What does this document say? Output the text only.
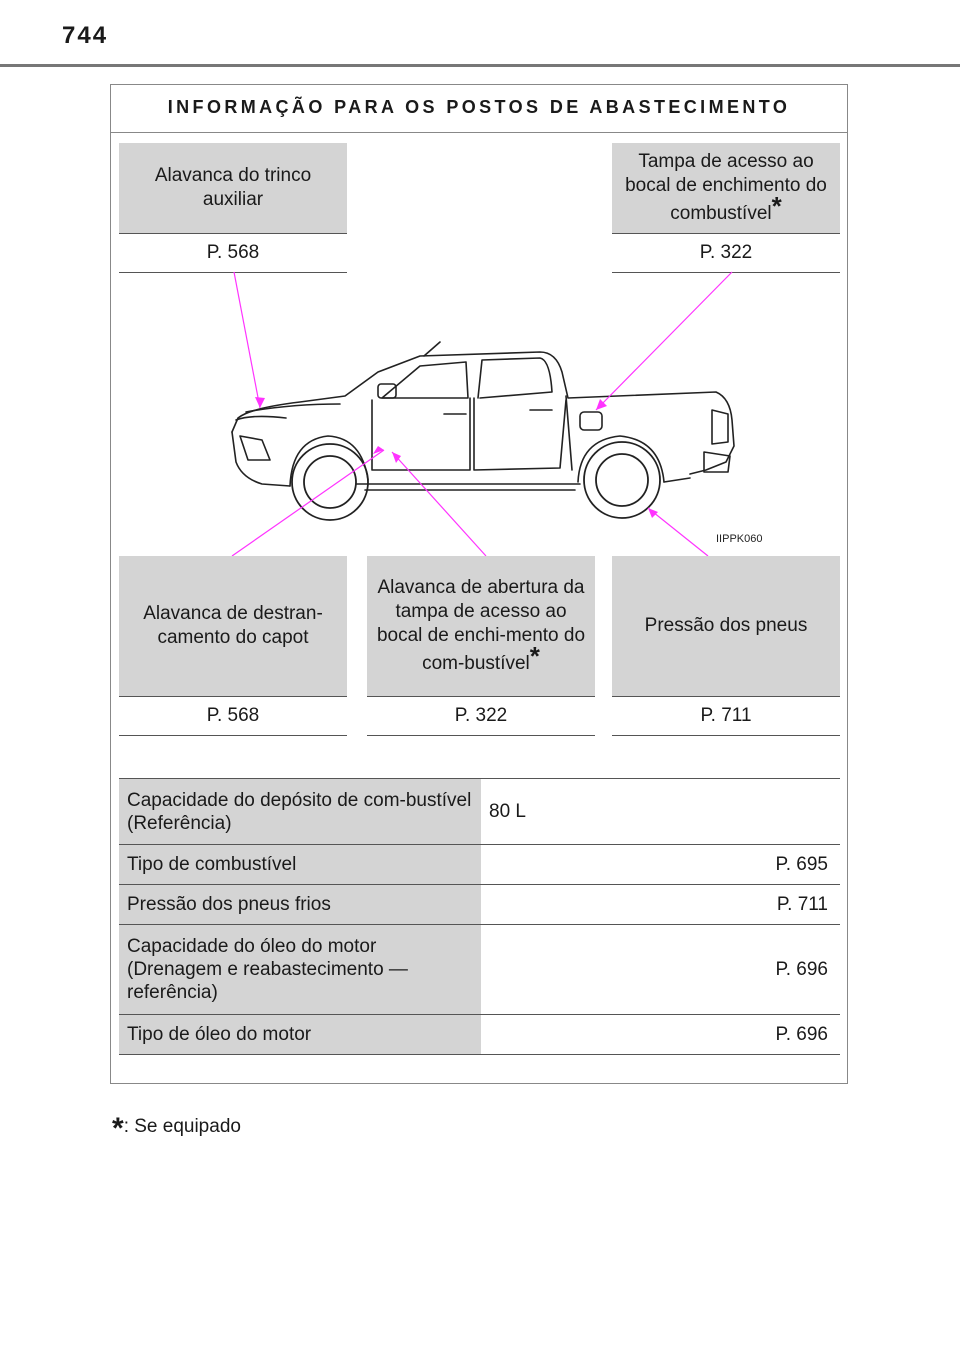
744
INFORMAÇÃO PARA OS POSTOS DE ABASTECIMENTO
Alavanca do trinco auxiliar
P. 568
Tampa de acesso ao bocal de enchimento do combustível*
P. 322
IIPPK060
Alavanca de destran-camento do capot
P. 568
Alavanca de abertura da tampa de acesso ao bocal de enchi-mento do com-bustível*
P. 322
Pressão dos pneus
P. 711
Capacidade do depósito de com-bustível (Referência)	80 L
Tipo de combustível	P. 695
Pressão dos pneus frios	P. 711
Capacidade do óleo do motor (Drenagem e reabastecimento — referência)	P. 696
Tipo de óleo do motor	P. 696
*: Se equipado
